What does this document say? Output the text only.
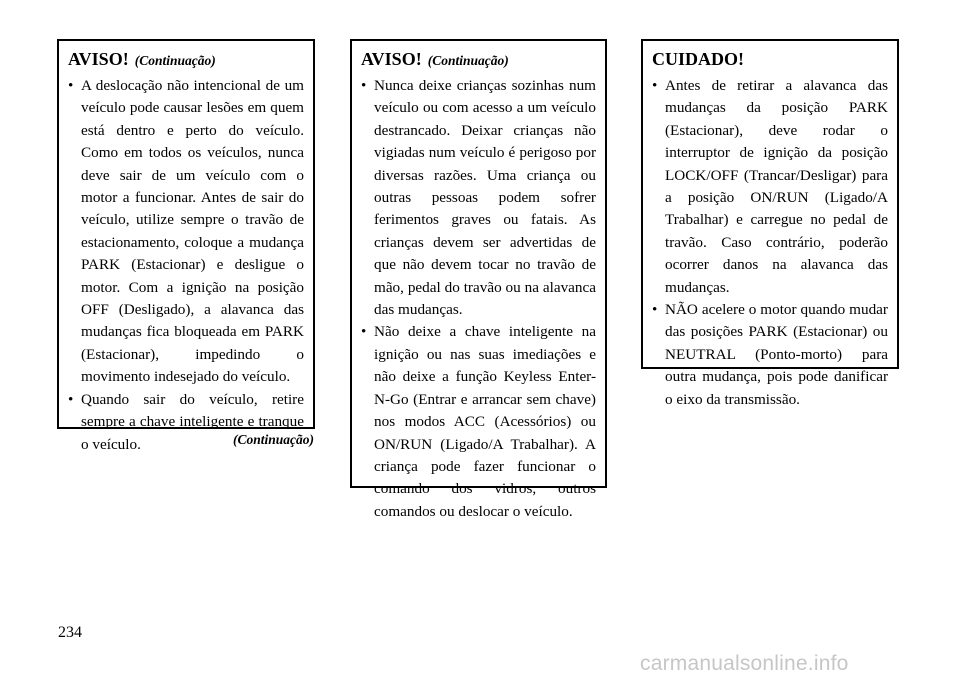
AVISO! (Continuação)
• A deslocação não intencional de um veículo pode causar lesões em quem está dentro e perto do veículo. Como em todos os veículos, nunca deve sair de um veículo com o motor a funcionar. Antes de sair do veículo, utilize sempre o travão de estacionamento, coloque a mudança PARK (Estacionar) e desligue o motor. Com a ignição na posição OFF (Desligado), a alavanca das mudanças fica bloqueada em PARK (Estacionar), impedindo o movimento indesejado do veículo.
• Quando sair do veículo, retire sempre a chave inteligente e tranque o veículo.	(Continuação)
AVISO! (Continuação)
• Nunca deixe crianças sozinhas num veículo ou com acesso a um veículo destrancado. Deixar crianças não vigiadas num veículo é perigoso por diversas razões. Uma criança ou outras pessoas podem sofrer ferimentos graves ou fatais. As crianças devem ser advertidas de que não devem tocar no travão de mão, pedal do travão ou na alavanca das mudanças.
• Não deixe a chave inteligente na ignição ou nas suas imediações e não deixe a função Keyless Enter-N-Go (Entrar e arrancar sem chave) nos modos ACC (Acessórios) ou ON/RUN (Ligado/A Trabalhar). A criança pode fazer funcionar o comando dos vidros, outros comandos ou deslocar o veículo.
CUIDADO!
• Antes de retirar a alavanca das mudanças da posição PARK (Estacionar), deve rodar o interruptor de ignição da posição LOCK/OFF (Trancar/Desligar) para a posição ON/RUN (Ligado/A Trabalhar) e carregue no pedal de travão. Caso contrário, poderão ocorrer danos na alavanca das mudanças.
• NÃO acelere o motor quando mudar das posições PARK (Estacionar) ou NEUTRAL (Ponto-morto) para outra mudança, pois pode danificar o eixo da transmissão.
234
carmanualsonline.info
